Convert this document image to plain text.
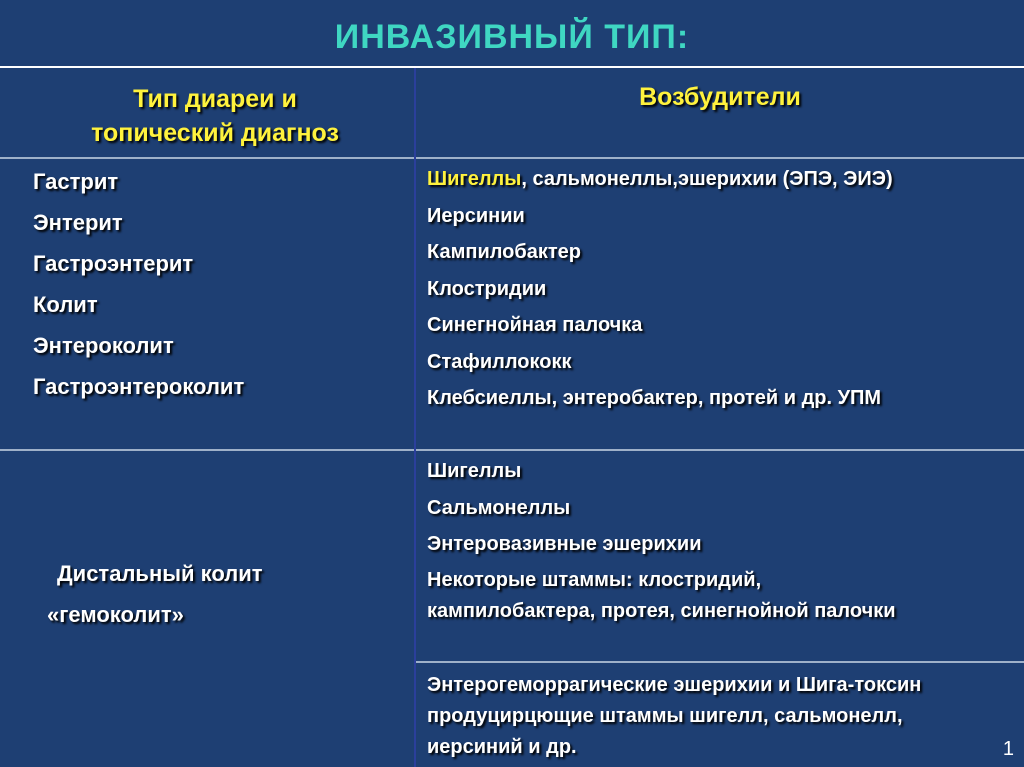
ИНВАЗИВНЫЙ ТИП:
Тип диареи и
топический диагноз
Возбудители
Гастрит
Энтерит
Гастроэнтерит
Колит
Энтероколит
Гастроэнтероколит
Шигеллы, сальмонеллы,эшерихии (ЭПЭ, ЭИЭ)
Иерсинии
Кампилобактер
Клостридии
Синегнойная палочка
Стафиллококк
Клебсиеллы, энтеробактер, протей и др. УПМ
Дистальный колит
«гемоколит»
Шигеллы
Сальмонеллы
Энтеровазивные эшерихии
Некоторые штаммы: клостридий, кампилобактера, протея, синегнойной палочки
Энтерогеморрагические эшерихии и Шига-токсин продуцирцющие штаммы шигелл, сальмонелл, иерсиний и др.	1
